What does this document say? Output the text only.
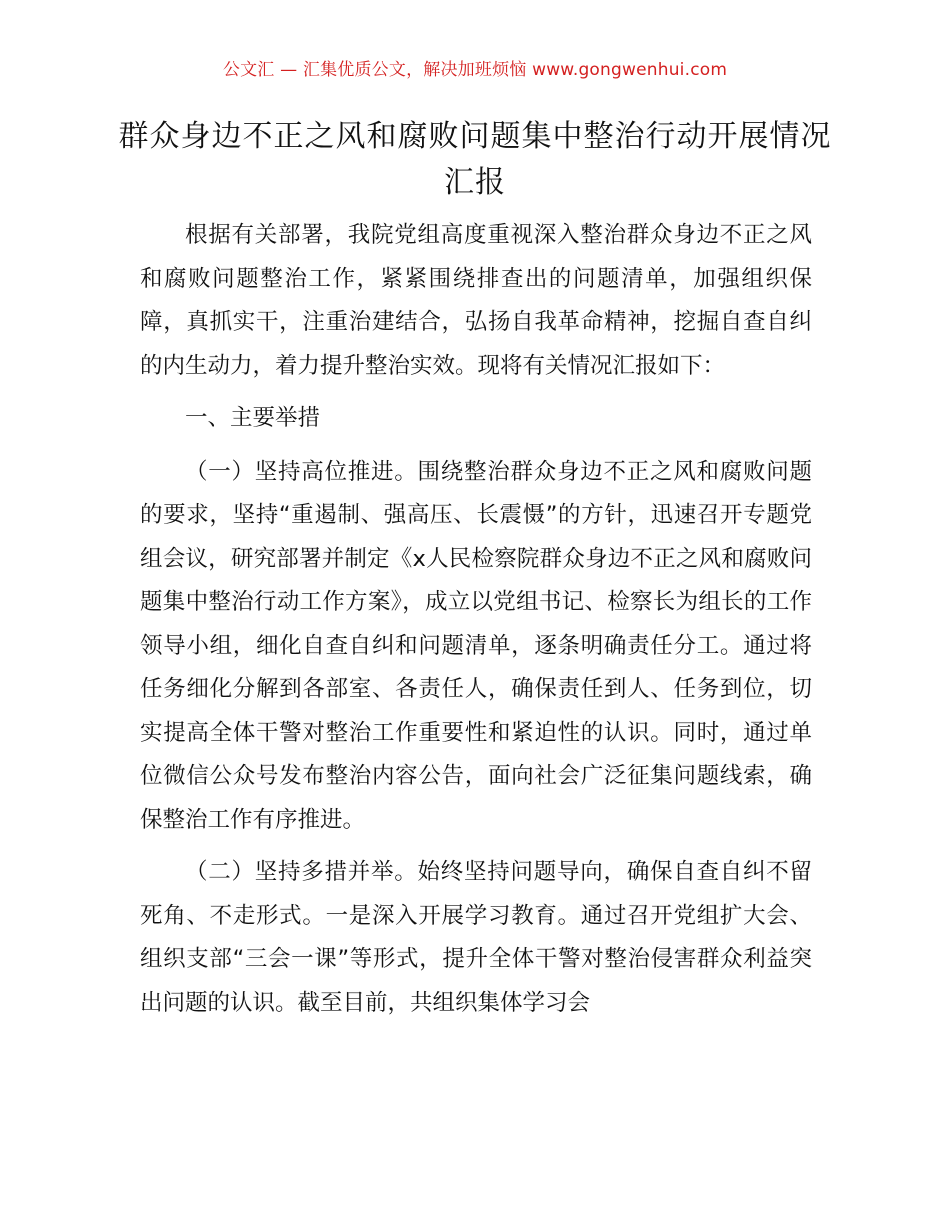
公文汇 — 汇集优质公文，解决加班烦恼 www.gongwenhui.com
群众身边不正之风和腐败问题集中整治行动开展情况汇报

根据有关部署，我院党组高度重视深入整治群众身边不正之风和腐败问题整治工作，紧紧围绕排查出的问题清单，加强组织保障，真抓实干，注重治建结合，弘扬自我革命精神，挖掘自查自纠的内生动力，着力提升整治实效。现将有关情况汇报如下：

一、主要举措

（一）坚持高位推进。围绕整治群众身边不正之风和腐败问题的要求，坚持“重遏制、强高压、长震慑”的方针，迅速召开专题党组会议，研究部署并制定《x人民检察院群众身边不正之风和腐败问题集中整治行动工作方案》，成立以党组书记、检察长为组长的工作领导小组，细化自查自纠和问题清单，逐条明确责任分工。通过将任务细化分解到各部室、各责任人，确保责任到人、任务到位，切实提高全体干警对整治工作重要性和紧迫性的认识。同时，通过单位微信公众号发布整治内容公告，面向社会广泛征集问题线索，确保整治工作有序推进。

（二）坚持多措并举。始终坚持问题导向，确保自查自纠不留死角、不走形式。一是深入开展学习教育。通过召开党组扩大会、组织支部“三会一课”等形式，提升全体干警对整治侵害群众利益突出问题的认识。截至目前，共组织集体学习会
